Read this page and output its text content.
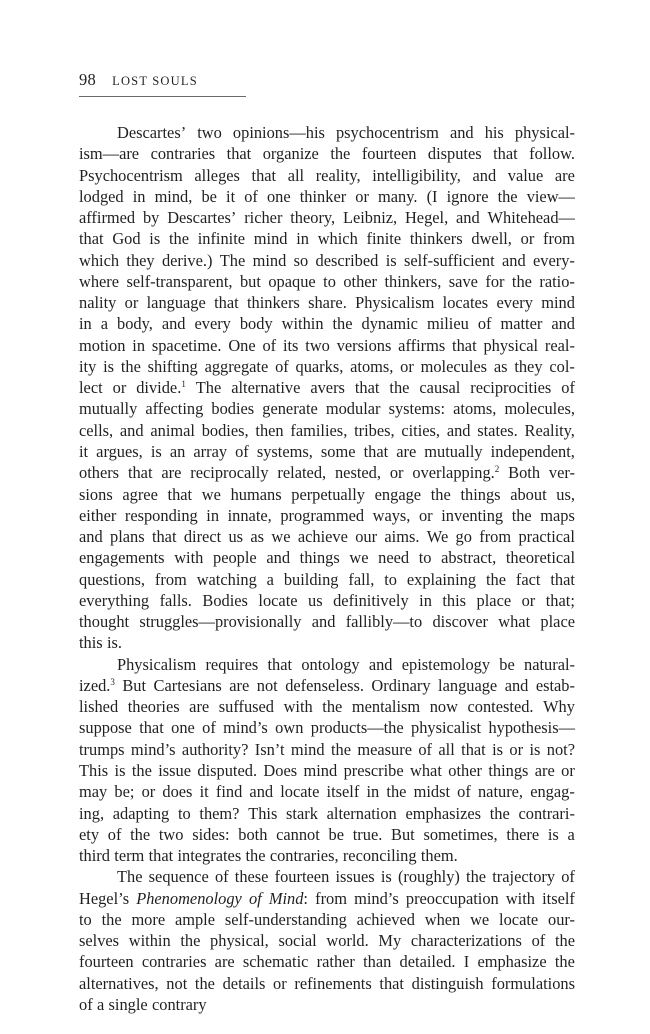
98 LOST SOULS
Descartes’ two opinions—his psychocentrism and his physical-
ism—are contraries that organize the fourteen disputes that follow.
Psychocentrism alleges that all reality, intelligibility, and value are
lodged in mind, be it of one thinker or many. (I ignore the view—
affirmed by Descartes’ richer theory, Leibniz, Hegel, and Whitehead—
that God is the infinite mind in which finite thinkers dwell, or from
which they derive.) The mind so described is self-sufficient and every-
where self-transparent, but opaque to other thinkers, save for the ratio-
nality or language that thinkers share. Physicalism locates every mind
in a body, and every body within the dynamic milieu of matter and
motion in spacetime. One of its two versions affirms that physical real-
ity is the shifting aggregate of quarks, atoms, or molecules as they col-
lect or divide.$^1$ The alternative avers that the causal reciprocities of
mutually affecting bodies generate modular systems: atoms, molecules,
cells, and animal bodies, then families, tribes, cities, and states. Reality,
it argues, is an array of systems, some that are mutually independent,
others that are reciprocally related, nested, or overlapping.$^2$ Both ver-
sions agree that we humans perpetually engage the things about us,
either responding in innate, programmed ways, or inventing the maps
and plans that direct us as we achieve our aims. We go from practical
engagements with people and things we need to abstract, theoretical
questions, from watching a building fall, to explaining the fact that
everything falls. Bodies locate us definitively in this place or that;
thought struggles—provisionally and fallibly—to discover what place
this is.
Physicalism requires that ontology and epistemology be natural-
ized.$^3$ But Cartesians are not defenseless. Ordinary language and estab-
lished theories are suffused with the mentalism now contested. Why
suppose that one of mind’s own products—the physicalist hypothesis—
trumps mind’s authority? Isn’t mind the measure of all that is or is not?
This is the issue disputed. Does mind prescribe what other things are or
may be; or does it find and locate itself in the midst of nature, engag-
ing, adapting to them? This stark alternation emphasizes the contrari-
ety of the two sides: both cannot be true. But sometimes, there is a
third term that integrates the contraries, reconciling them.
The sequence of these fourteen issues is (roughly) the trajectory of
Hegel’s Phenomenology of Mind: from mind’s preoccupation with itself
to the more ample self-understanding achieved when we locate our-
selves within the physical, social world. My characterizations of the
fourteen contraries are schematic rather than detailed. I emphasize the
alternatives, not the details or refinements that distinguish formulations
of a single contrary
